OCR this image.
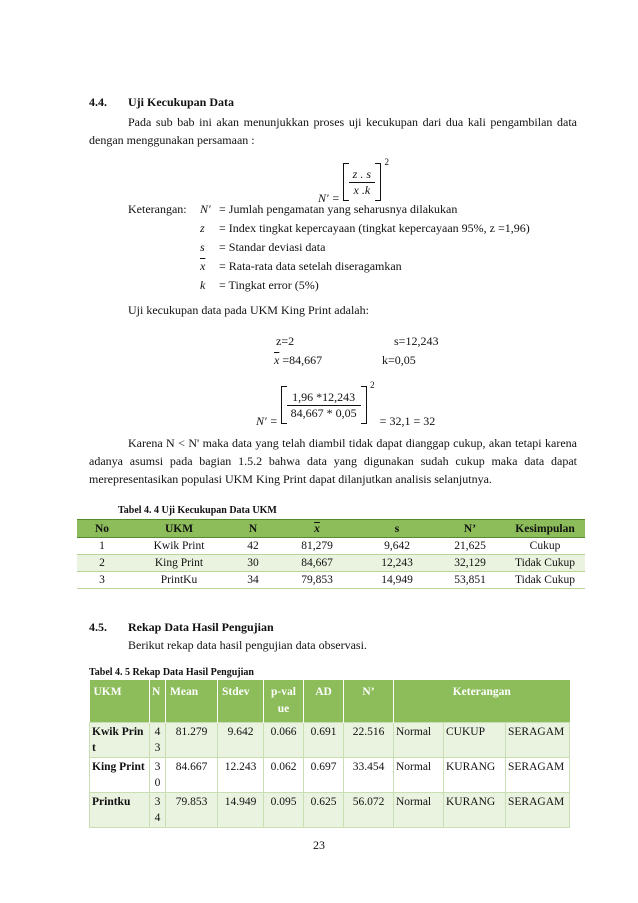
4.4. Uji Kecukupan Data

Pada sub bab ini akan menunjukkan proses uji kecukupan dari dua kali pengambilan data dengan menggunakan persamaan :

N' =
$\frac{z . s}{x .k}$
$^2$
Keterangan: N'	= Jumlah pengamatan yang seharusnya dilakukan
z	= Index tingkat kepercayaan (tingkat kepercayaan 95%, z =1,96)
s	= Standar deviasi data
$\overline{x}$	= Rata-rata data setelah diseragamkan
k	= Tingkat error (5%)
Uji kecukupan data pada UKM King Print adalah:
z=2	s=12,243
$\overline{x} =84,667$	k=0,05
N' =
$\frac{1,96 *12,243}{84,667 * 0,05}$
$^2$
= 32,1 = 32

Karena N < N' maka data yang telah diambil tidak dapat dianggap cukup, akan tetapi karena adanya asumsi pada bagian 1.5.2 bahwa data yang digunakan sudah cukup maka data dapat merepresentasikan populasi UKM King Print dapat dilanjutkan analisis selanjutnya.

Tabel 4. 4 Uji Kecukupan Data UKM
No	UKM	N	$\overline{x}$	s	N’	Kesimpulan
1	Kwik Print	42	81,279	9,642	21,625	Cukup
2	King Print	30	84,667	12,243	32,129	Tidak Cukup
3	PrintKu	34	79,853	14,949	53,851	Tidak Cukup
4.5. Rekap Data Hasil Pengujian
Berikut rekap data hasil pengujian data observasi.
Tabel 4. 5 Rekap Data Hasil Pengujian
UKM	N	Mean	Stdev	p-value	AD	N’	Keterangan		
Kwik Print	43	81.279	9.642	0.066	0.691	22.516	Normal	CUKUP	SERAGAM
King Print	30	84.667	12.243	0.062	0.697	33.454	Normal	KURANG	SERAGAM
Printku	34	79.853	14.949	0.095	0.625	56.072	Normal	KURANG	SERAGAM
23
